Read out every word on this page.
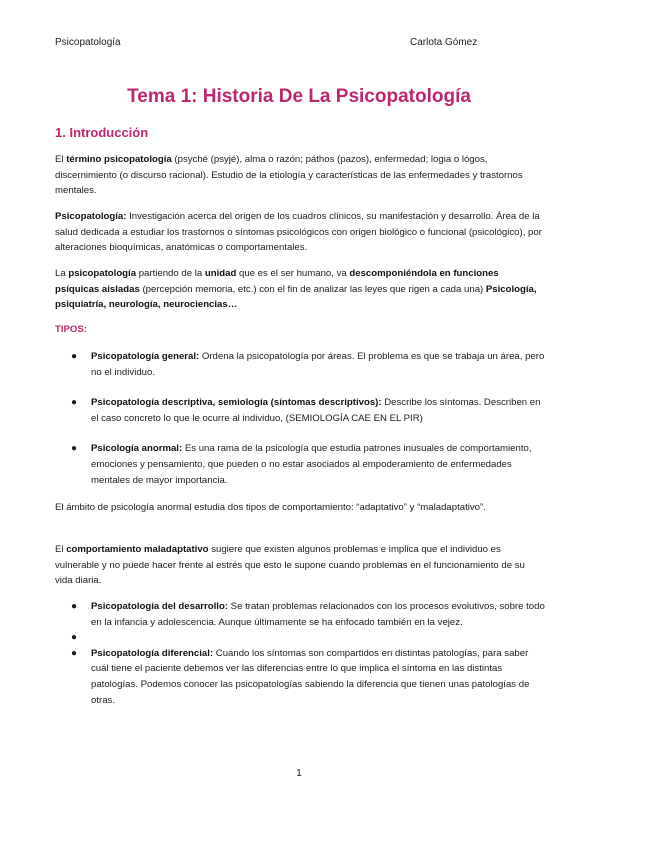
Psicopatología	Carlota Gómez
Tema 1: Historia De La Psicopatología
1. Introducción

El término psicopatología (psyché (psyjé), alma o razón; páthos (pazos), enfermedad; logia o lógos, discernimiento (o discurso racional). Estudio de la etiología y características de las enfermedades y trastornos mentales.

Psicopatología: Investigación acerca del origen de los cuadros clínicos, su manifestación y desarrollo. Área de la salud dedicada a estudiar los trastornos o síntomas psicológicos con origen biológico o funcional (psicológico), por alteraciones bioquímicas, anatómicas o comportamentales.

La psicopatología partiendo de la unidad que es el ser humano, va descomponiéndola en funciones psíquicas aisladas (percepción memoria, etc.) con el fin de analizar las leyes que rigen a cada una) Psicología, psiquiatría, neurología, neurociencias…

TIPOS:
● Psicopatología general: Ordena la psicopatología por áreas. El problema es que se trabaja un área, pero no el individuo.
● Psicopatología descriptiva, semiología (síntomas descriptivos): Describe los síntomas. Describen en el caso concreto lo que le ocurre al individuo, (SEMIOLOGÍA CAE EN EL PIR)
● Psicología anormal: Es una rama de la psicología que estudia patrones inusuales de comportamiento, emociones y pensamiento, que pueden o no estar asociados al empoderamiento de enfermedades mentales de mayor importancia.

El ámbito de psicología anormal estudia dos tipos de comportamiento: “adaptativo” y “maladaptativo”.

El comportamiento maladaptativo sugiere que existen algunos problemas e implica que el individuo es vulnerable y no puede hacer frente al estrés que esto le supone cuando problemas en el funcionamiento de su vida diaria.

● Psicopatología del desarrollo: Se tratan problemas relacionados con los procesos evolutivos, sobre todo en la infancia y adolescencia. Aunque últimamente se ha enfocado también en la vejez.
●
● Psicopatología diferencial: Cuando los síntomas son compartidos en distintas patologías, para saber cuál tiene el paciente debemos ver las diferencias entre lo que implica el síntoma en las distintas patologías. Podemos conocer las psicopatologías sabiendo la diferencia que tienen unas patologías de otras.
1
